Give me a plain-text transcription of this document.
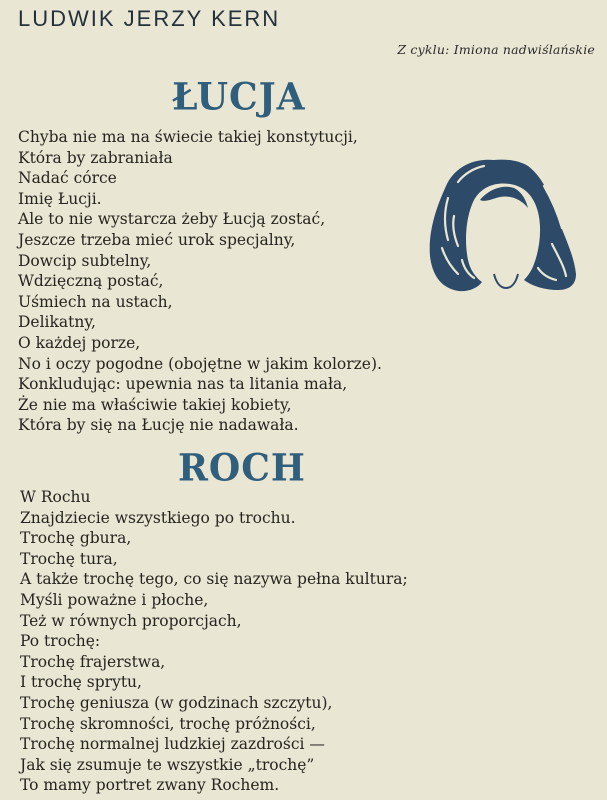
LUDWIK JERZY KERN
Z cyklu: Imiona nadwiślańskie
ŁUCJA
Chyba nie ma na świecie takiej konstytucji,
Która by zabraniała
Nadać córce
Imię Łucji.
Ale to nie wystarcza żeby Łucją zostać,
Jeszcze trzeba mieć urok specjalny,
Dowcip subtelny,
Wdzięczną postać,
Uśmiech na ustach,
Delikatny,
O każdej porze,
No i oczy pogodne (obojętne w jakim kolorze).
Konkludując: upewnia nas ta litania mała,
Że nie ma właściwie takiej kobiety,
Która by się na Łucję nie nadawała.
ROCH
W Rochu
Znajdziecie wszystkiego po trochu.
Trochę gbura,
Trochę tura,
A także trochę tego, co się nazywa pełna kultura;
Myśli poważne i płoche,
Też w równych proporcjach,
Po trochę:
Trochę frajerstwa,
I trochę sprytu,
Trochę geniusza (w godzinach szczytu),
Trochę skromności, trochę próżności,
Trochę normalnej ludzkiej zazdrości —
Jak się zsumuje te wszystkie „trochę”
To mamy portret zwany Rochem.
